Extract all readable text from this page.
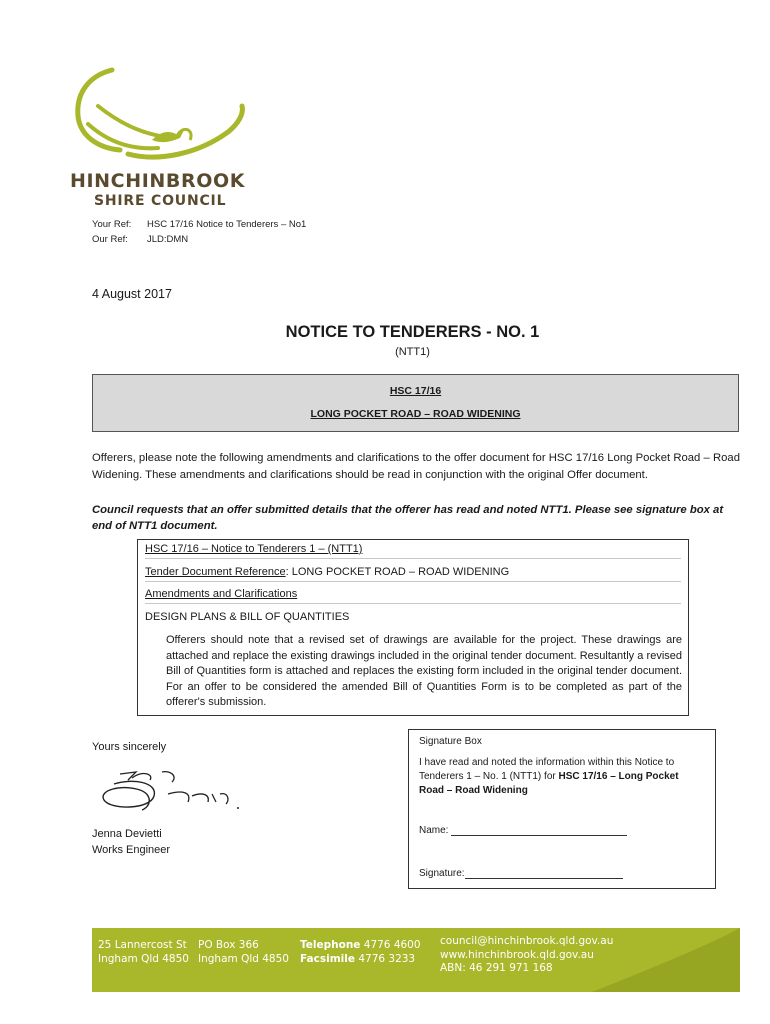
HINCHINBROOK
SHIRE COUNCIL
Your Ref: HSC 17/16 Notice to Tenderers – No1
Our Ref: JLD:DMN
4 August 2017
NOTICE TO TENDERERS - NO. 1
(NTT1)
HSC 17/16
LONG POCKET ROAD – ROAD WIDENING
Offerers, please note the following amendments and clarifications to the offer document for HSC 17/16 Long Pocket Road – Road Widening. These amendments and clarifications should be read in conjunction with the original Offer document.
Council requests that an offer submitted details that the offerer has read and noted NTT1. Please see signature box at end of NTT1 document.
HSC 17/16 – Notice to Tenderers 1 – (NTT1)
Tender Document Reference: LONG POCKET ROAD – ROAD WIDENING
Amendments and Clarifications
DESIGN PLANS & BILL OF QUANTITIES
Offerers should note that a revised set of drawings are available for the project. These drawings are attached and replace the existing drawings included in the original tender document. Resultantly a revised Bill of Quantities form is attached and replaces the existing form included in the original tender document. For an offer to be considered the amended Bill of Quantities Form is to be completed as part of the offerer's submission.
Yours sincerely
Jenna Devietti
Works Engineer
Signature Box
I have read and noted the information within this Notice to Tenderers 1 – No. 1 (NTT1) for HSC 17/16 – Long Pocket Road – Road Widening
Name:
Signature:
25 Lannercost St
Ingham Qld 4850
PO Box 366
Ingham Qld 4850
Telephone 4776 4600
Facsimile 4776 3233
council@hinchinbrook.qld.gov.au
www.hinchinbrook.qld.gov.au
ABN: 46 291 971 168
